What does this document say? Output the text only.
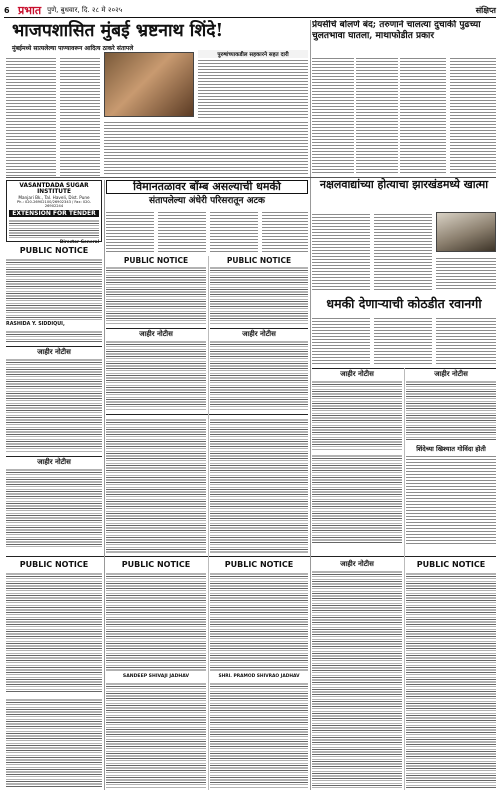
6 प्रभात पुणे, बुधवार, दि. २८ मे २०२५	संक्षिप्त
भाजपशासित मुंबई भ्रष्टनाथ शिंदे!
मुंबईमध्ये सात्यलेल्या पाण्यावरून आदित्य ठाकरे संतापले
पुरुषांच्याकडील सहकारने सहत दारी
प्रेयसीचे बोलणे बंद; तरुणाने चालत्या दुचाकी पुढच्या चुलतभावा घातला, माथाफोडीत प्रकार
VASANTDADA SUGAR INSTITUTE
Manjari Bk., Tal. Haveli, Dist. Pune
Ph.: 020-26902100/26902343 / Fax: 020-26902244
EXTENSION FOR TENDER
Director General
विमानतळावर बॉम्ब असल्याची धमकी
संतापलेल्या अंधेरी परिसरातून अटक
नक्षलवाद्यांच्या होत्याचा झारखंडमध्ये खात्मा
PUBLIC NOTICE
RASHIDA Y. SIDDIQUI,
जाहीर नोटीस
जाहीर नोटीस
PUBLIC NOTICE
जाहीर नोटीस
PUBLIC NOTICE
जाहीर नोटीस
धमकी देणाऱ्याची कोठडीत रवानगी
जाहीर नोटीस	जाहीर नोटीस
शिंदेच्या खिश्यात गोविंदा होती
PUBLIC NOTICE	PUBLIC NOTICE
SANDEEP SHIVAJI JADHAV
PUBLIC NOTICE
SHRI. PRAMOD SHIVRAO JADHAV
जाहीर नोटीस	PUBLIC NOTICE
